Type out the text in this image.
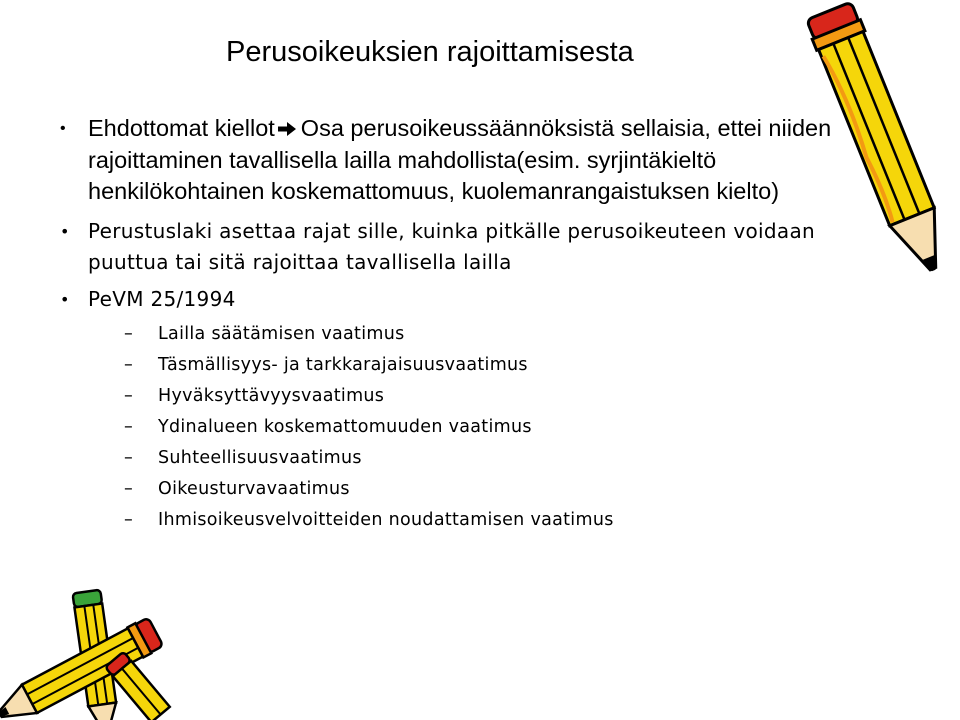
Perusoikeuksien rajoittamisesta
• Ehdottomat kiellot Osa perusoikeussäännöksistä sellaisia, ettei niiden rajoittaminen tavallisella lailla mahdollista(esim. syrjintäkieltö henkilökohtainen koskemattomuus, kuolemanrangaistuksen kielto)
• Perustuslaki asettaa rajat sille, kuinka pitkälle perusoikeuteen voidaan puuttua tai sitä rajoittaa tavallisella lailla
• PeVM 25/1994
– Lailla säätämisen vaatimus
– Täsmällisyys- ja tarkkarajaisuusvaatimus
– Hyväksyttävyysvaatimus
– Ydinalueen koskemattomuuden vaatimus
– Suhteellisuusvaatimus
– Oikeusturvavaatimus
– Ihmisoikeusvelvoitteiden noudattamisen vaatimus
